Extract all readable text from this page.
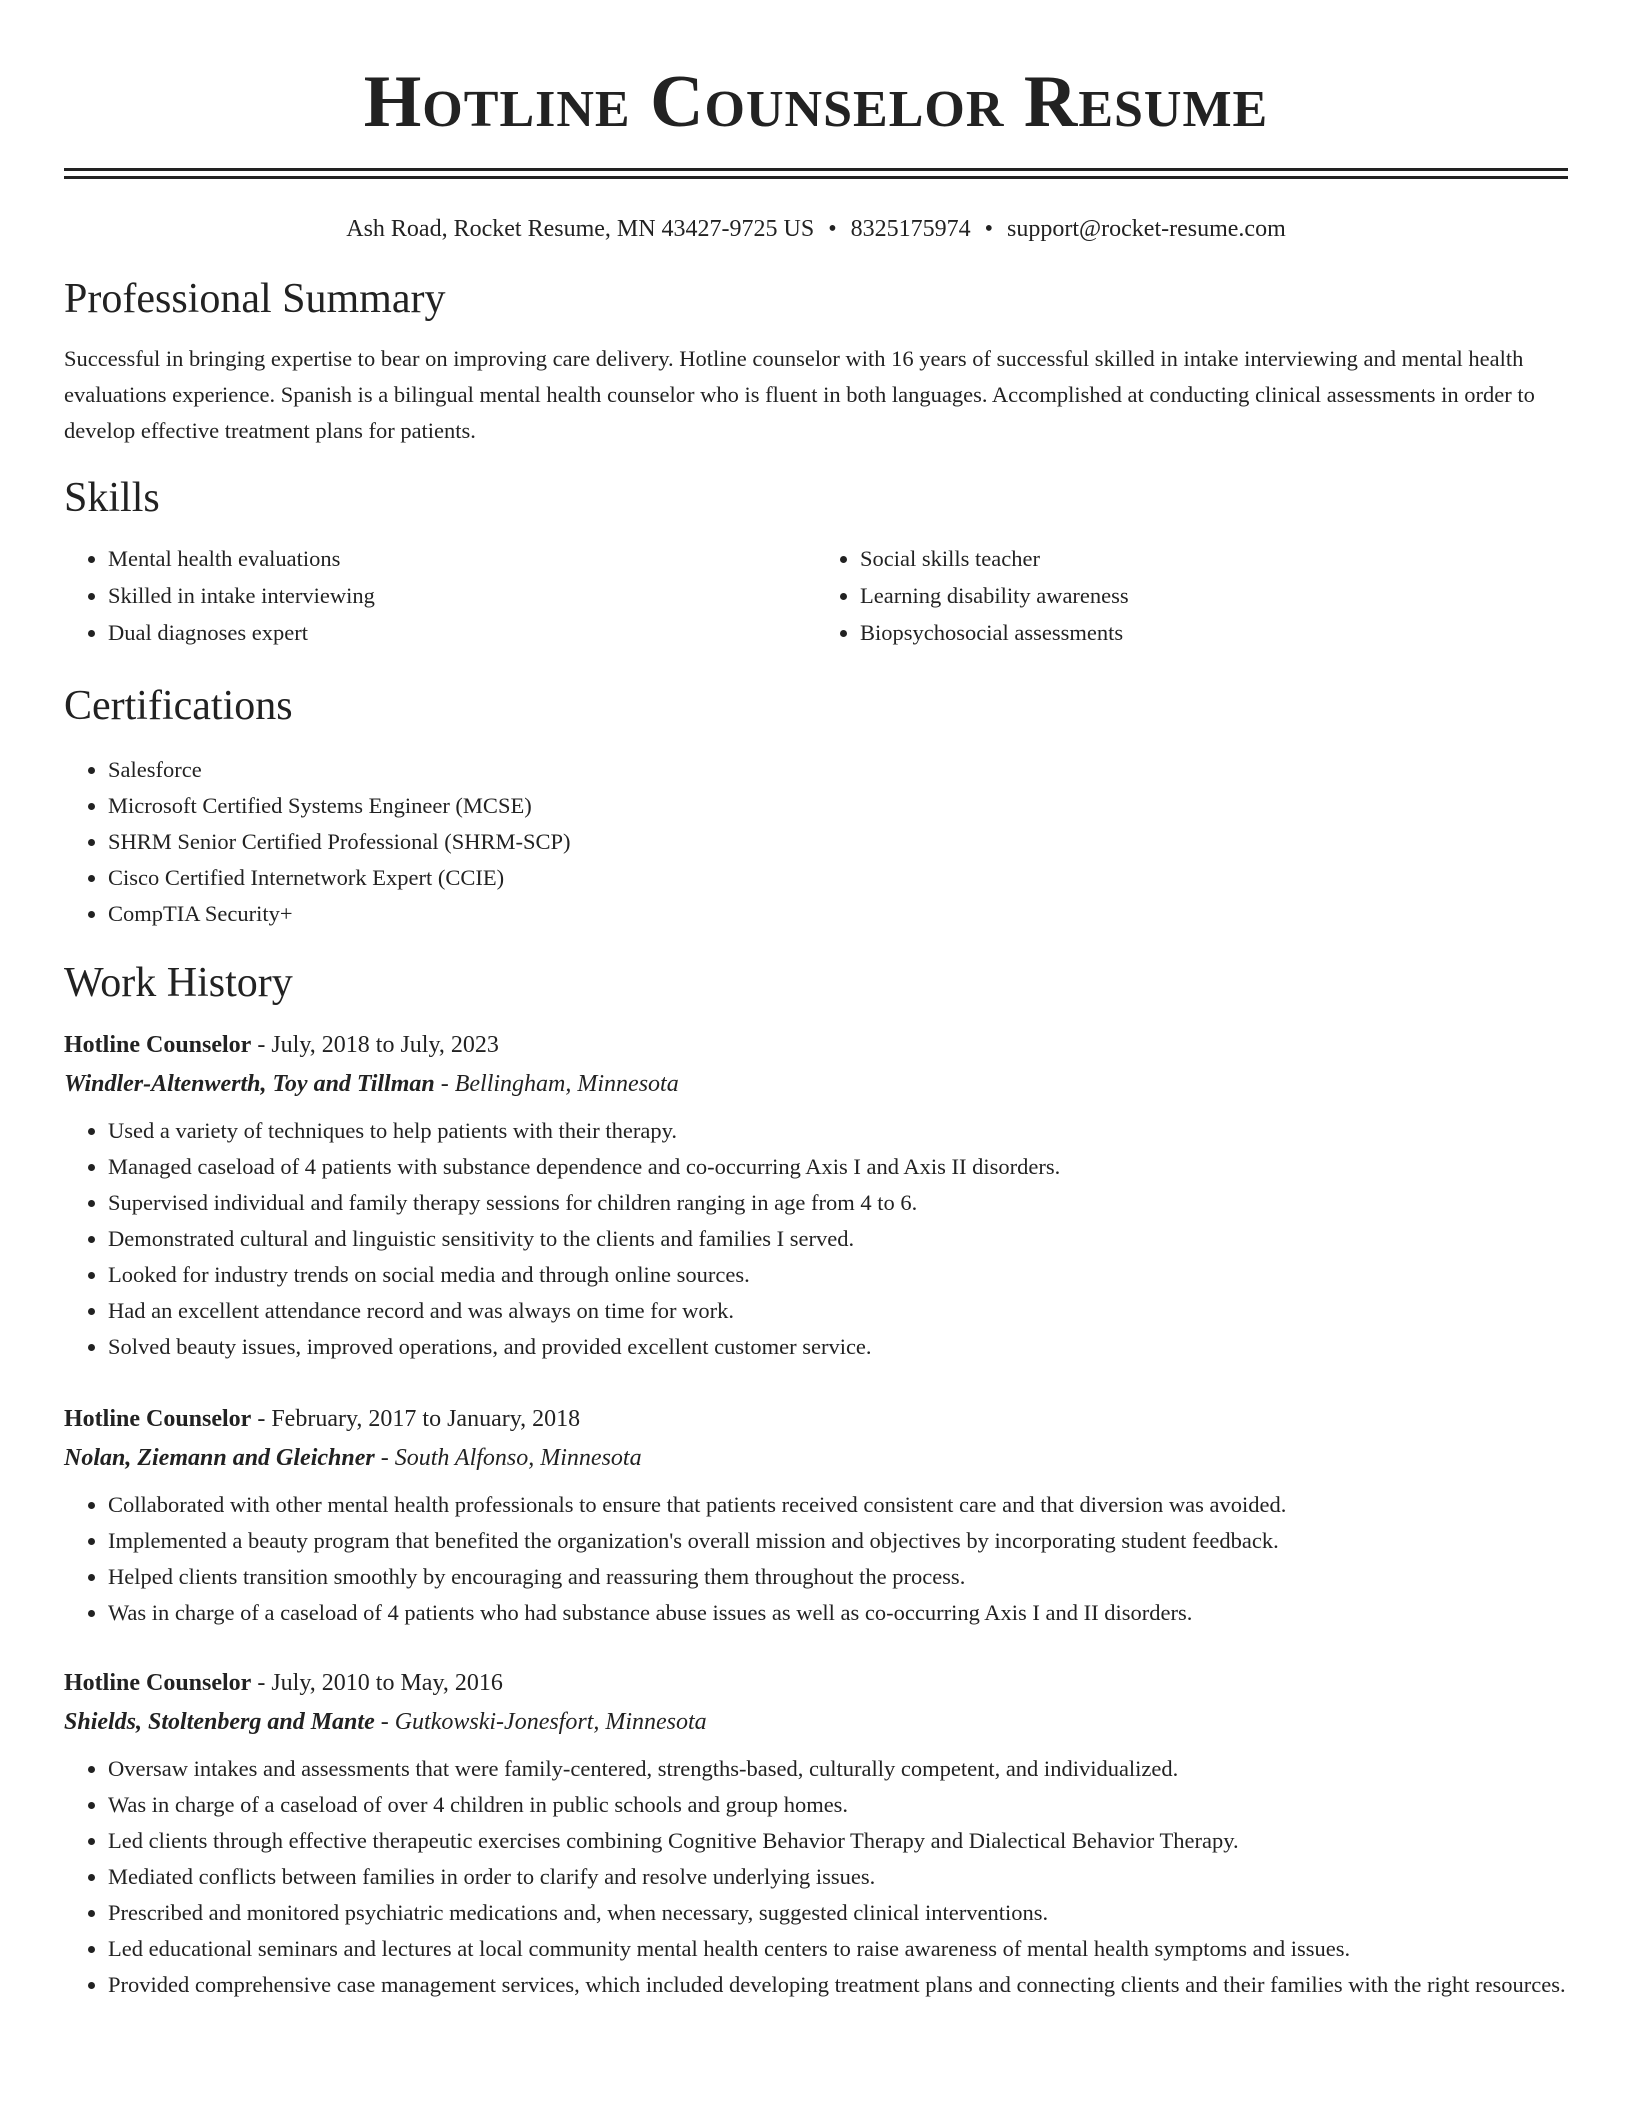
Hotline Counselor Resume
Ash Road, Rocket Resume, MN 43427-9725 US • 8325175974 • support@rocket-resume.com
Professional Summary

Successful in bringing expertise to bear on improving care delivery. Hotline counselor with 16 years of successful skilled in intake interviewing and mental health evaluations experience. Spanish is a bilingual mental health counselor who is fluent in both languages. Accomplished at conducting clinical assessments in order to develop effective treatment plans for patients.

Skills
• Mental health evaluations
• Skilled in intake interviewing
• Dual diagnoses expert
• Social skills teacher
• Learning disability awareness
• Biopsychosocial assessments
Certifications
• Salesforce
• Microsoft Certified Systems Engineer (MCSE)
• SHRM Senior Certified Professional (SHRM-SCP)
• Cisco Certified Internetwork Expert (CCIE)
• CompTIA Security+
Work History
Hotline Counselor - July, 2018 to July, 2023
Windler-Altenwerth, Toy and Tillman - Bellingham, Minnesota
• Used a variety of techniques to help patients with their therapy.
• Managed caseload of 4 patients with substance dependence and co-occurring Axis I and Axis II disorders.
• Supervised individual and family therapy sessions for children ranging in age from 4 to 6.
• Demonstrated cultural and linguistic sensitivity to the clients and families I served.
• Looked for industry trends on social media and through online sources.
• Had an excellent attendance record and was always on time for work.
• Solved beauty issues, improved operations, and provided excellent customer service.
Hotline Counselor - February, 2017 to January, 2018
Nolan, Ziemann and Gleichner - South Alfonso, Minnesota
• Collaborated with other mental health professionals to ensure that patients received consistent care and that diversion was avoided.
• Implemented a beauty program that benefited the organization's overall mission and objectives by incorporating student feedback.
• Helped clients transition smoothly by encouraging and reassuring them throughout the process.
• Was in charge of a caseload of 4 patients who had substance abuse issues as well as co-occurring Axis I and II disorders.
Hotline Counselor - July, 2010 to May, 2016
Shields, Stoltenberg and Mante - Gutkowski-Jonesfort, Minnesota
• Oversaw intakes and assessments that were family-centered, strengths-based, culturally competent, and individualized.
• Was in charge of a caseload of over 4 children in public schools and group homes.
• Led clients through effective therapeutic exercises combining Cognitive Behavior Therapy and Dialectical Behavior Therapy.
• Mediated conflicts between families in order to clarify and resolve underlying issues.
• Prescribed and monitored psychiatric medications and, when necessary, suggested clinical interventions.
• Led educational seminars and lectures at local community mental health centers to raise awareness of mental health symptoms and issues.
• Provided comprehensive case management services, which included developing treatment plans and connecting clients and their families with the right resources.
